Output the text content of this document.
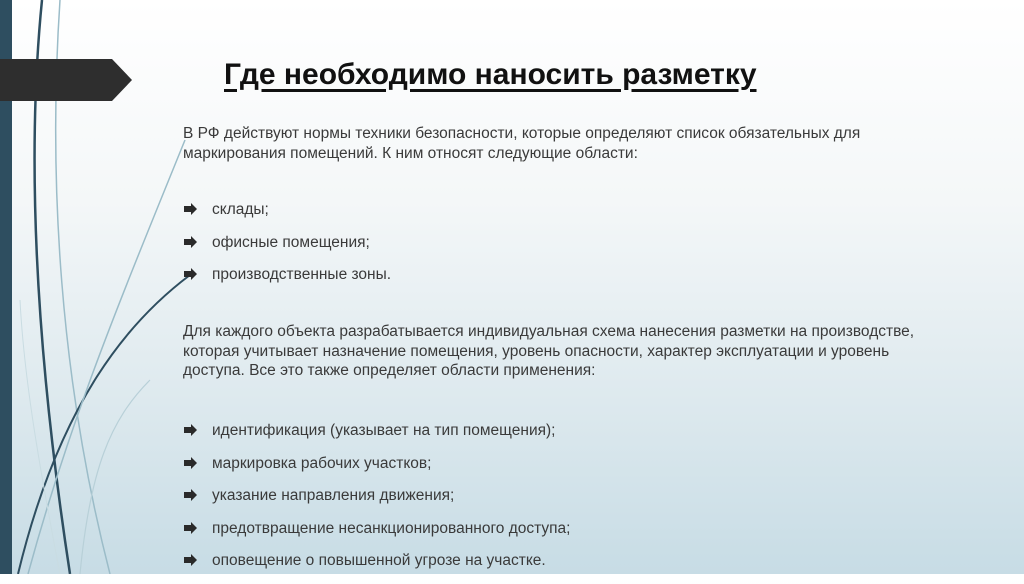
Где необходимо наносить разметку

В РФ действуют нормы техники безопасности, которые определяют список обязательных для маркирования помещений. К ним относят следующие области:

склады;
офисные помещения;
производственные зоны.

Для каждого объекта разрабатывается индивидуальная схема нанесения разметки на производстве, которая учитывает назначение помещения, уровень опасности, характер эксплуатации и уровень доступа. Все это также определяет области применения:

идентификация (указывает на тип помещения);
маркировка рабочих участков;
указание направления движения;
предотвращение несанкционированного доступа;
оповещение о повышенной угрозе на участке.
